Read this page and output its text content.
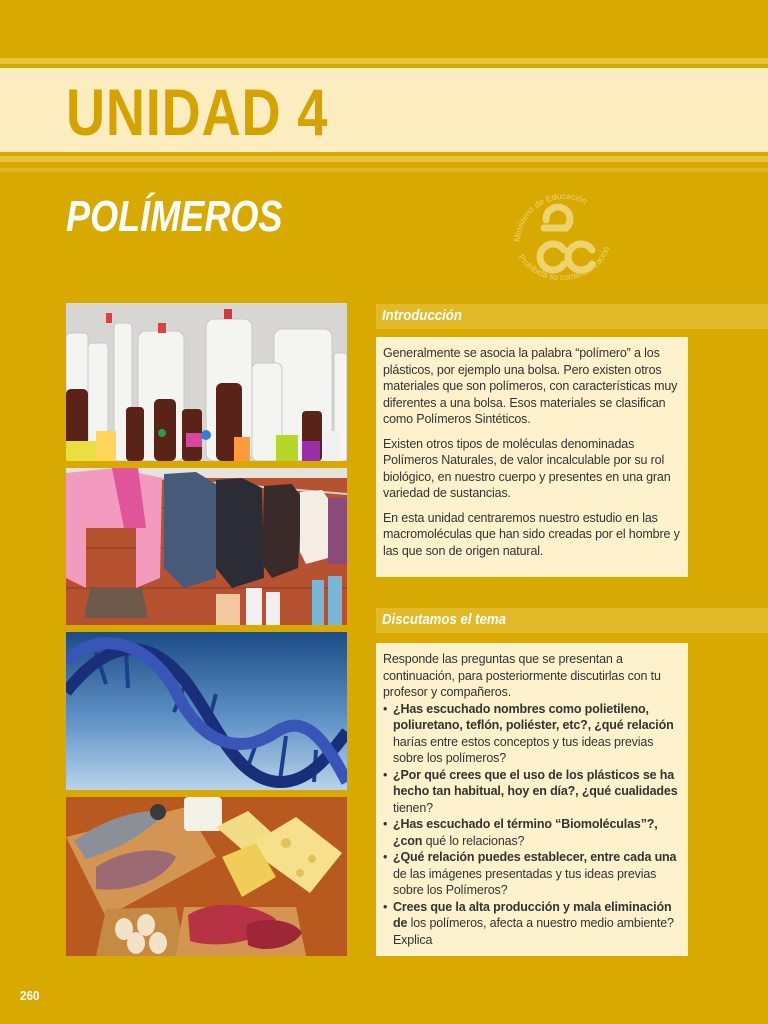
UNIDAD 4
POLÍMEROS	Ministerio de Educación
Prohibida su comercialización
Introducción

Generalmente se asocia la palabra “polímero” a los plásticos, por ejemplo una bolsa. Pero existen otros materiales que son polímeros, con características muy diferentes a una bolsa. Esos materiales se clasifican como Polímeros Sintéticos.

Existen otros tipos de moléculas denominadas Polímeros Naturales, de valor incalculable por su rol biológico, en nuestro cuerpo y presentes en una gran variedad de sustancias.

En esta unidad centraremos nuestro estudio en las macromoléculas que han sido creadas por el hombre y las que son de origen natural.

Discutamos el tema

Responde las preguntas que se presentan a continuación, para posteriormente discutirlas con tu profesor y compañeros.

• ¿Has escuchado nombres como polietileno, poliuretano, teflón, poliéster, etc?, ¿qué relación harías entre estos conceptos y tus ideas previas sobre los polímeros?
• ¿Por qué crees que el uso de los plásticos se ha hecho tan habitual, hoy en día?, ¿qué cualidades tienen?
• ¿Has escuchado el término “Biomoléculas”?, ¿con qué lo relacionas?
• ¿Qué relación puedes establecer, entre cada una de las imágenes presentadas y tus ideas previas sobre los Polímeros?
• Crees que la alta producción y mala eliminación de los polímeros, afecta a nuestro medio ambiente? Explica
260
